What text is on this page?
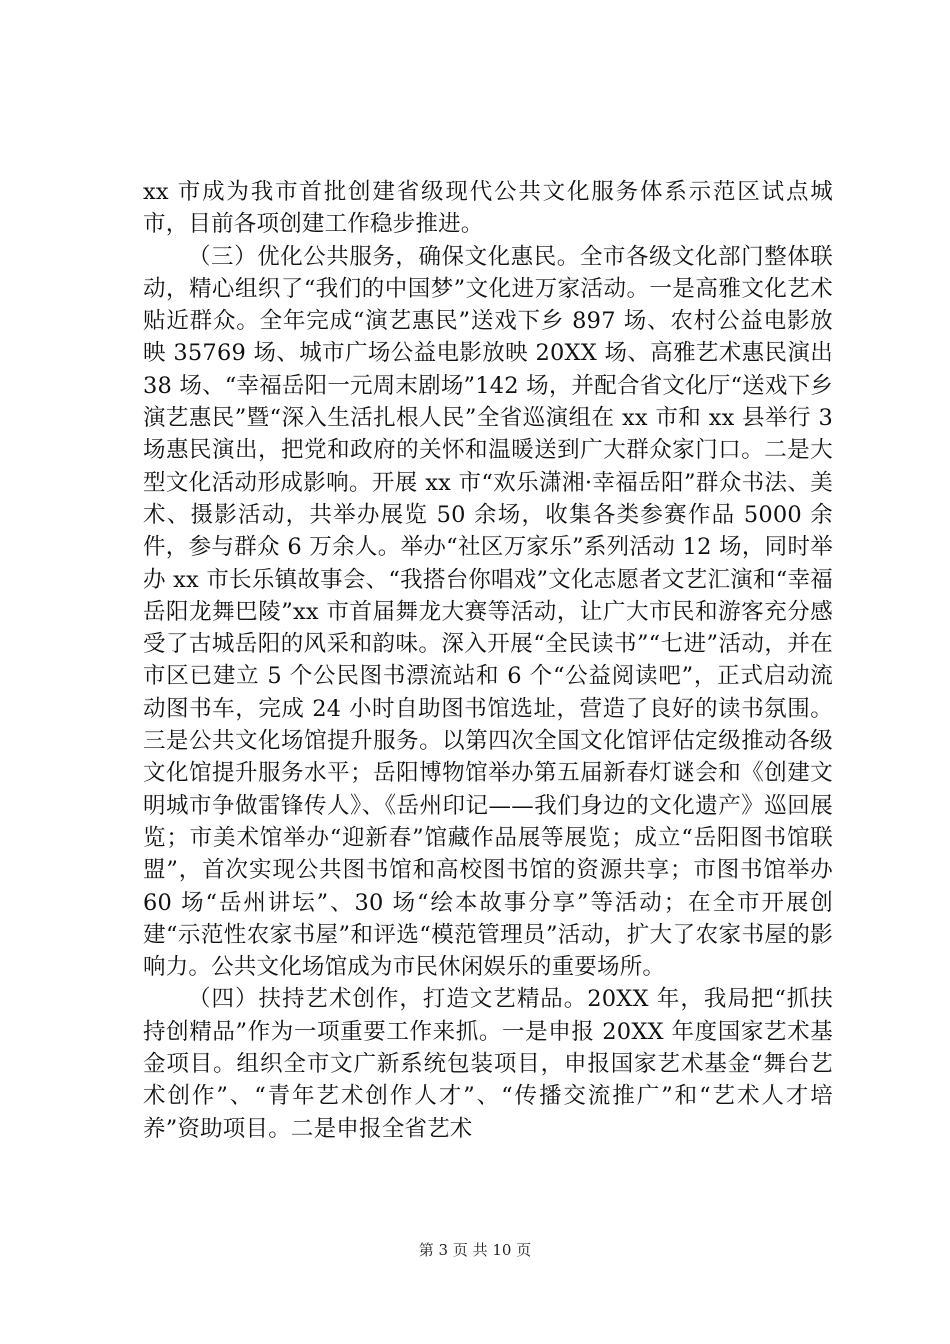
xx 市成为我市首批创建省级现代公共文化服务体系示范区试点城市，目前各项创建工作稳步推进。

（三）优化公共服务，确保文化惠民。全市各级文化部门整体联动，精心组织了“我们的中国梦”文化进万家活动。一是高雅文化艺术贴近群众。全年完成“演艺惠民”送戏下乡 897 场、农村公益电影放映 35769 场、城市广场公益电影放映 20XX 场、高雅艺术惠民演出 38 场、“幸福岳阳一元周末剧场”142 场，并配合省文化厅“送戏下乡演艺惠民”暨“深入生活扎根人民”全省巡演组在 xx 市和 xx 县举行 3 场惠民演出，把党和政府的关怀和温暖送到广大群众家门口。二是大型文化活动形成影响。开展 xx 市“欢乐潇湘·幸福岳阳”群众书法、美术、摄影活动，共举办展览 50 余场，收集各类参赛作品 5000 余件，参与群众 6 万余人。举办“社区万家乐”系列活动 12 场，同时举办 xx 市长乐镇故事会、“我搭台你唱戏”文化志愿者文艺汇演和“幸福岳阳龙舞巴陵”xx 市首届舞龙大赛等活动，让广大市民和游客充分感受了古城岳阳的风采和韵味。深入开展“全民读书”“七进”活动，并在市区已建立 5 个公民图书漂流站和 6 个“公益阅读吧”，正式启动流动图书车，完成 24 小时自助图书馆选址，营造了良好的读书氛围。三是公共文化场馆提升服务。以第四次全国文化馆评估定级推动各级文化馆提升服务水平；岳阳博物馆举办第五届新春灯谜会和《创建文明城市争做雷锋传人》、《岳州印记——我们身边的文化遗产》巡回展览；市美术馆举办“迎新春”馆藏作品展等展览；成立“岳阳图书馆联盟”，首次实现公共图书馆和高校图书馆的资源共享；市图书馆举办 60 场“岳州讲坛”、30 场“绘本故事分享”等活动；在全市开展创建“示范性农家书屋”和评选“模范管理员”活动，扩大了农家书屋的影响力。公共文化场馆成为市民休闲娱乐的重要场所。

（四）扶持艺术创作，打造文艺精品。20XX 年，我局把“抓扶持创精品”作为一项重要工作来抓。一是申报 20XX 年度国家艺术基金项目。组织全市文广新系统包装项目，申报国家艺术基金“舞台艺术创作”、“青年艺术创作人才”、“传播交流推广”和“艺术人才培养”资助项目。二是申报全省艺术

第 3 页 共 10 页
